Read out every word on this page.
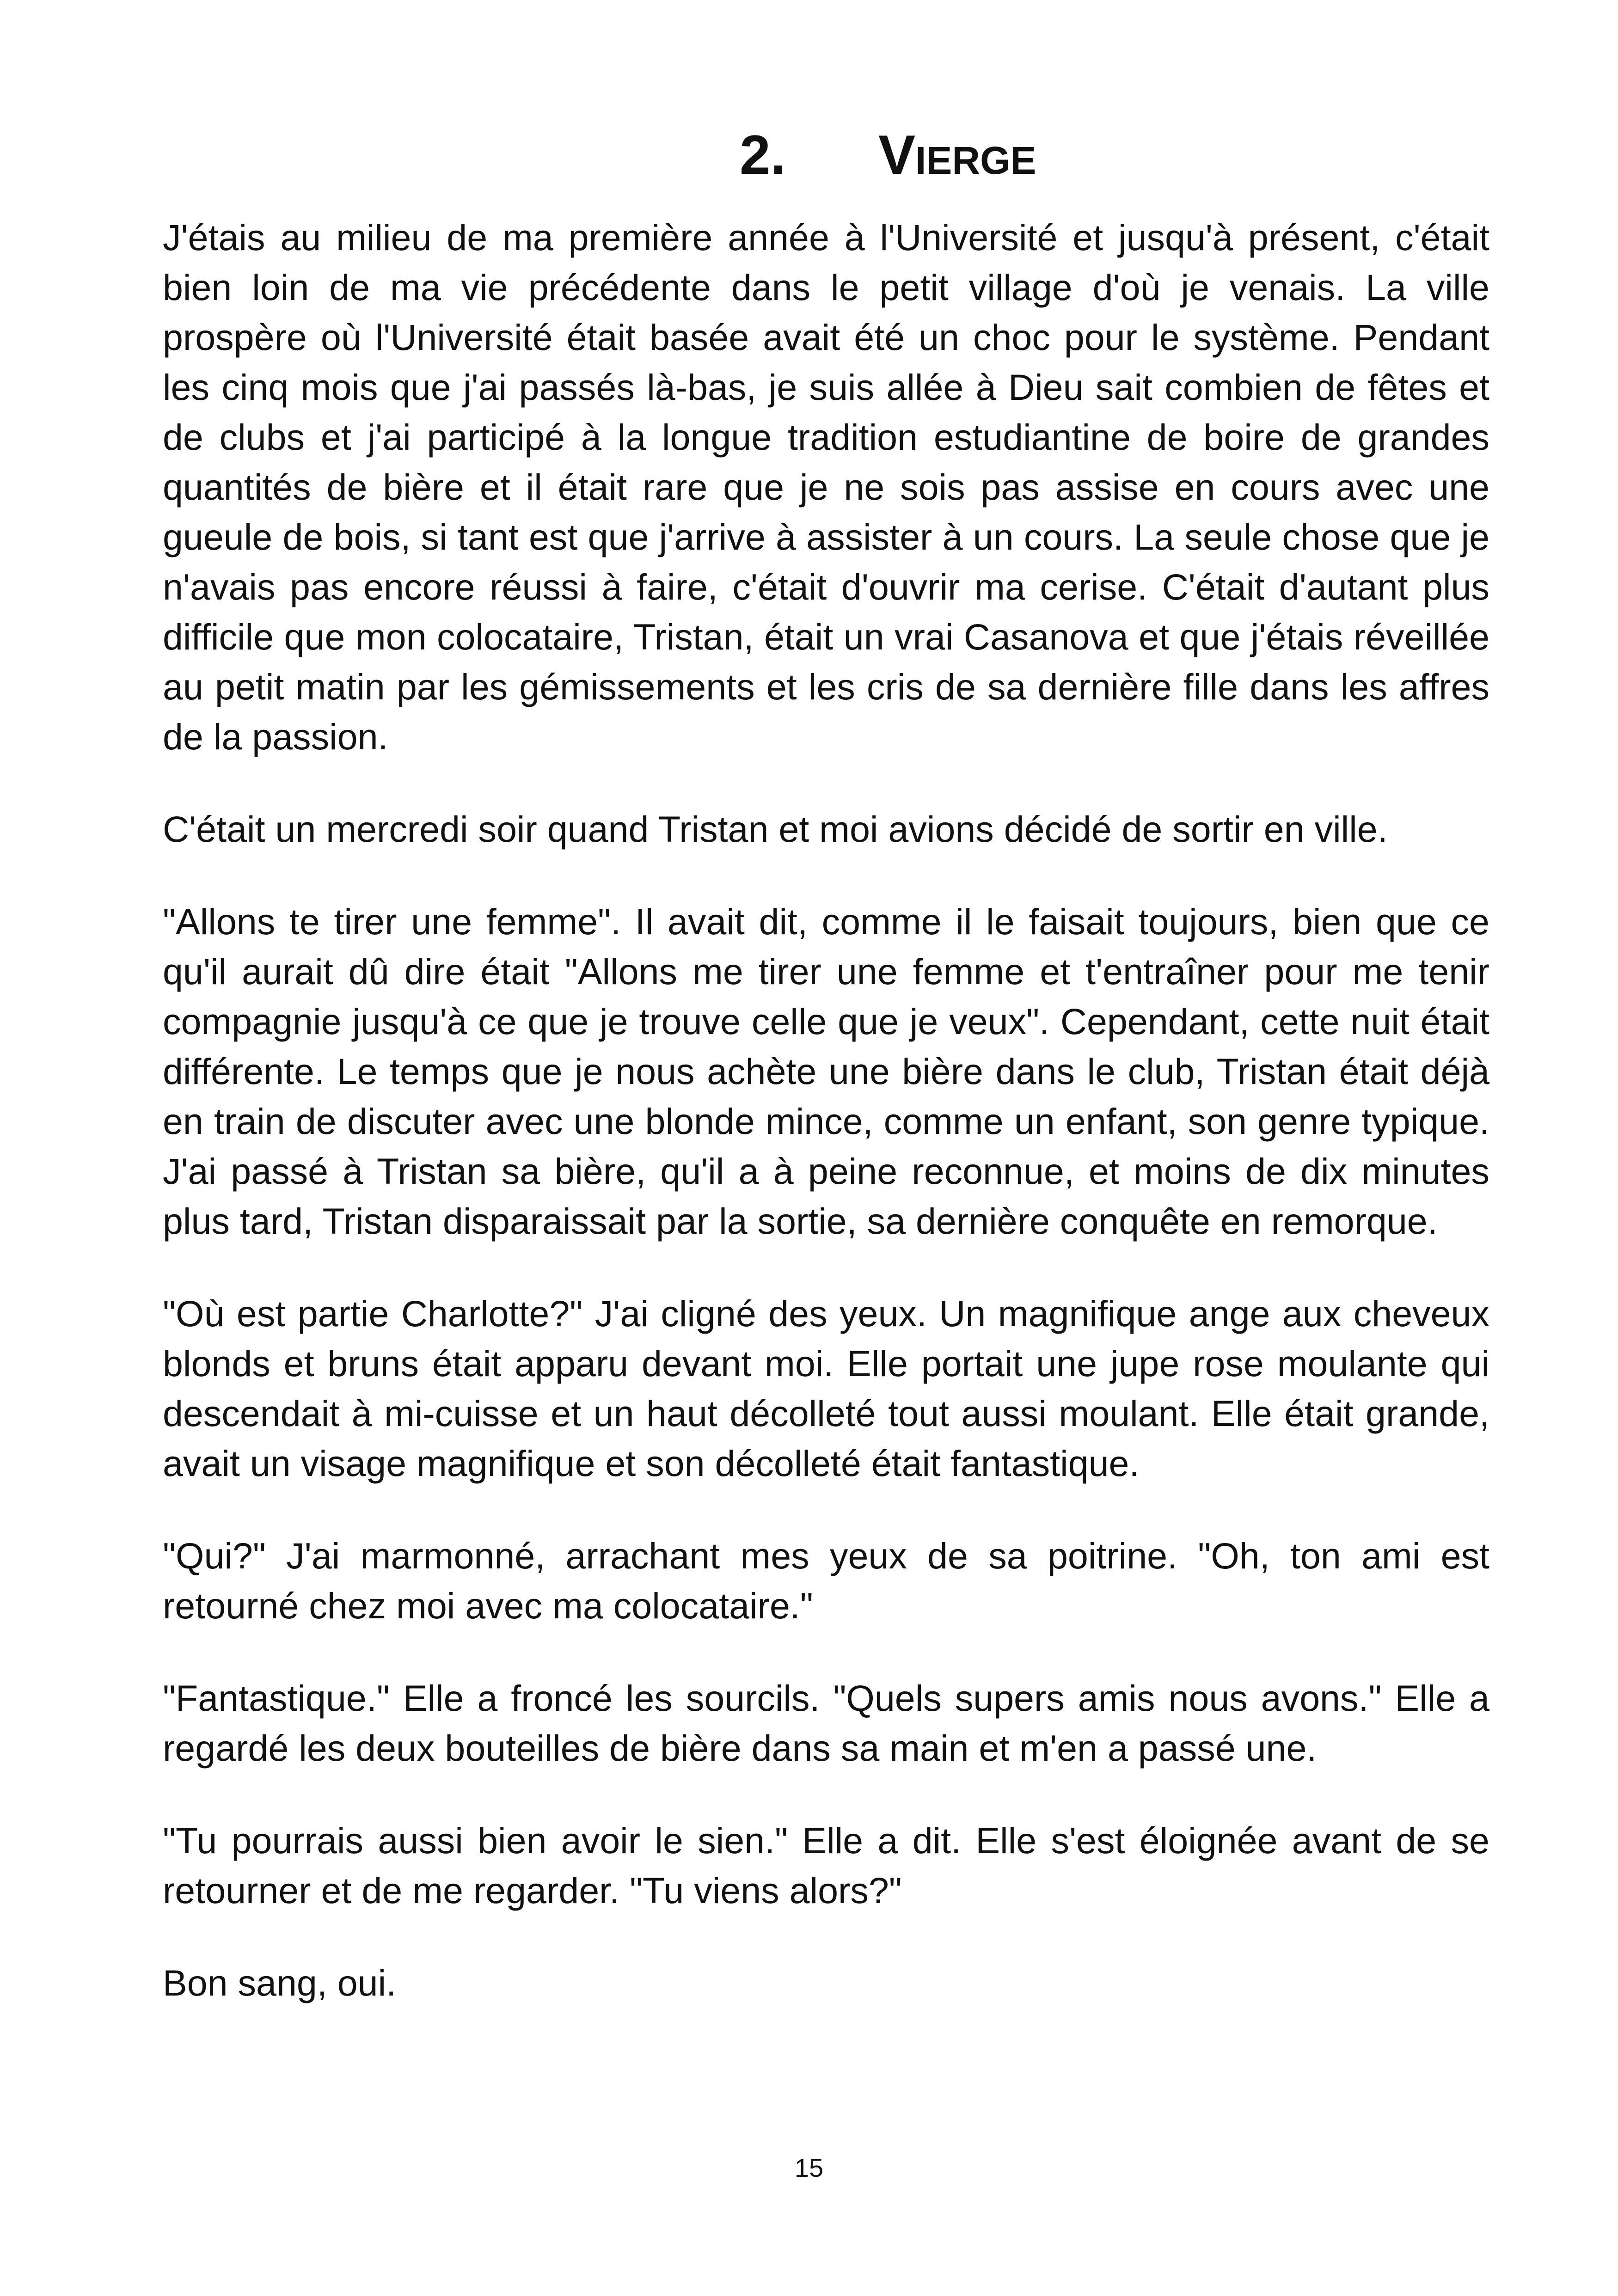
2. Vierge

J'étais au milieu de ma première année à l'Université et jusqu'à présent, c'était bien loin de ma vie précédente dans le petit village d'où je venais. La ville prospère où l'Université était basée avait été un choc pour le système. Pendant les cinq mois que j'ai passés là-bas, je suis allée à Dieu sait combien de fêtes et de clubs et j'ai participé à la longue tradition estudiantine de boire de grandes quantités de bière et il était rare que je ne sois pas assise en cours avec une gueule de bois, si tant est que j'arrive à assister à un cours. La seule chose que je n'avais pas encore réussi à faire, c'était d'ouvrir ma cerise. C'était d'autant plus difficile que mon colocataire, Tristan, était un vrai Casanova et que j'étais réveillée au petit matin par les gémissements et les cris de sa dernière fille dans les affres de la passion.

C'était un mercredi soir quand Tristan et moi avions décidé de sortir en ville.

"Allons te tirer une femme". Il avait dit, comme il le faisait toujours, bien que ce qu'il aurait dû dire était "Allons me tirer une femme et t'entraîner pour me tenir compagnie jusqu'à ce que je trouve celle que je veux". Cependant, cette nuit était différente. Le temps que je nous achète une bière dans le club, Tristan était déjà en train de discuter avec une blonde mince, comme un enfant, son genre typique. J'ai passé à Tristan sa bière, qu'il a à peine reconnue, et moins de dix minutes plus tard, Tristan disparaissait par la sortie, sa dernière conquête en remorque.

"Où est partie Charlotte?" J'ai cligné des yeux. Un magnifique ange aux cheveux blonds et bruns était apparu devant moi. Elle portait une jupe rose moulante qui descendait à mi-cuisse et un haut décolleté tout aussi moulant. Elle était grande, avait un visage magnifique et son décolleté était fantastique.

"Qui?" J'ai marmonné, arrachant mes yeux de sa poitrine. "Oh, ton ami est retourné chez moi avec ma colocataire."

"Fantastique." Elle a froncé les sourcils. "Quels supers amis nous avons." Elle a regardé les deux bouteilles de bière dans sa main et m'en a passé une.

"Tu pourrais aussi bien avoir le sien." Elle a dit. Elle s'est éloignée avant de se retourner et de me regarder. "Tu viens alors?"

Bon sang, oui.

15
